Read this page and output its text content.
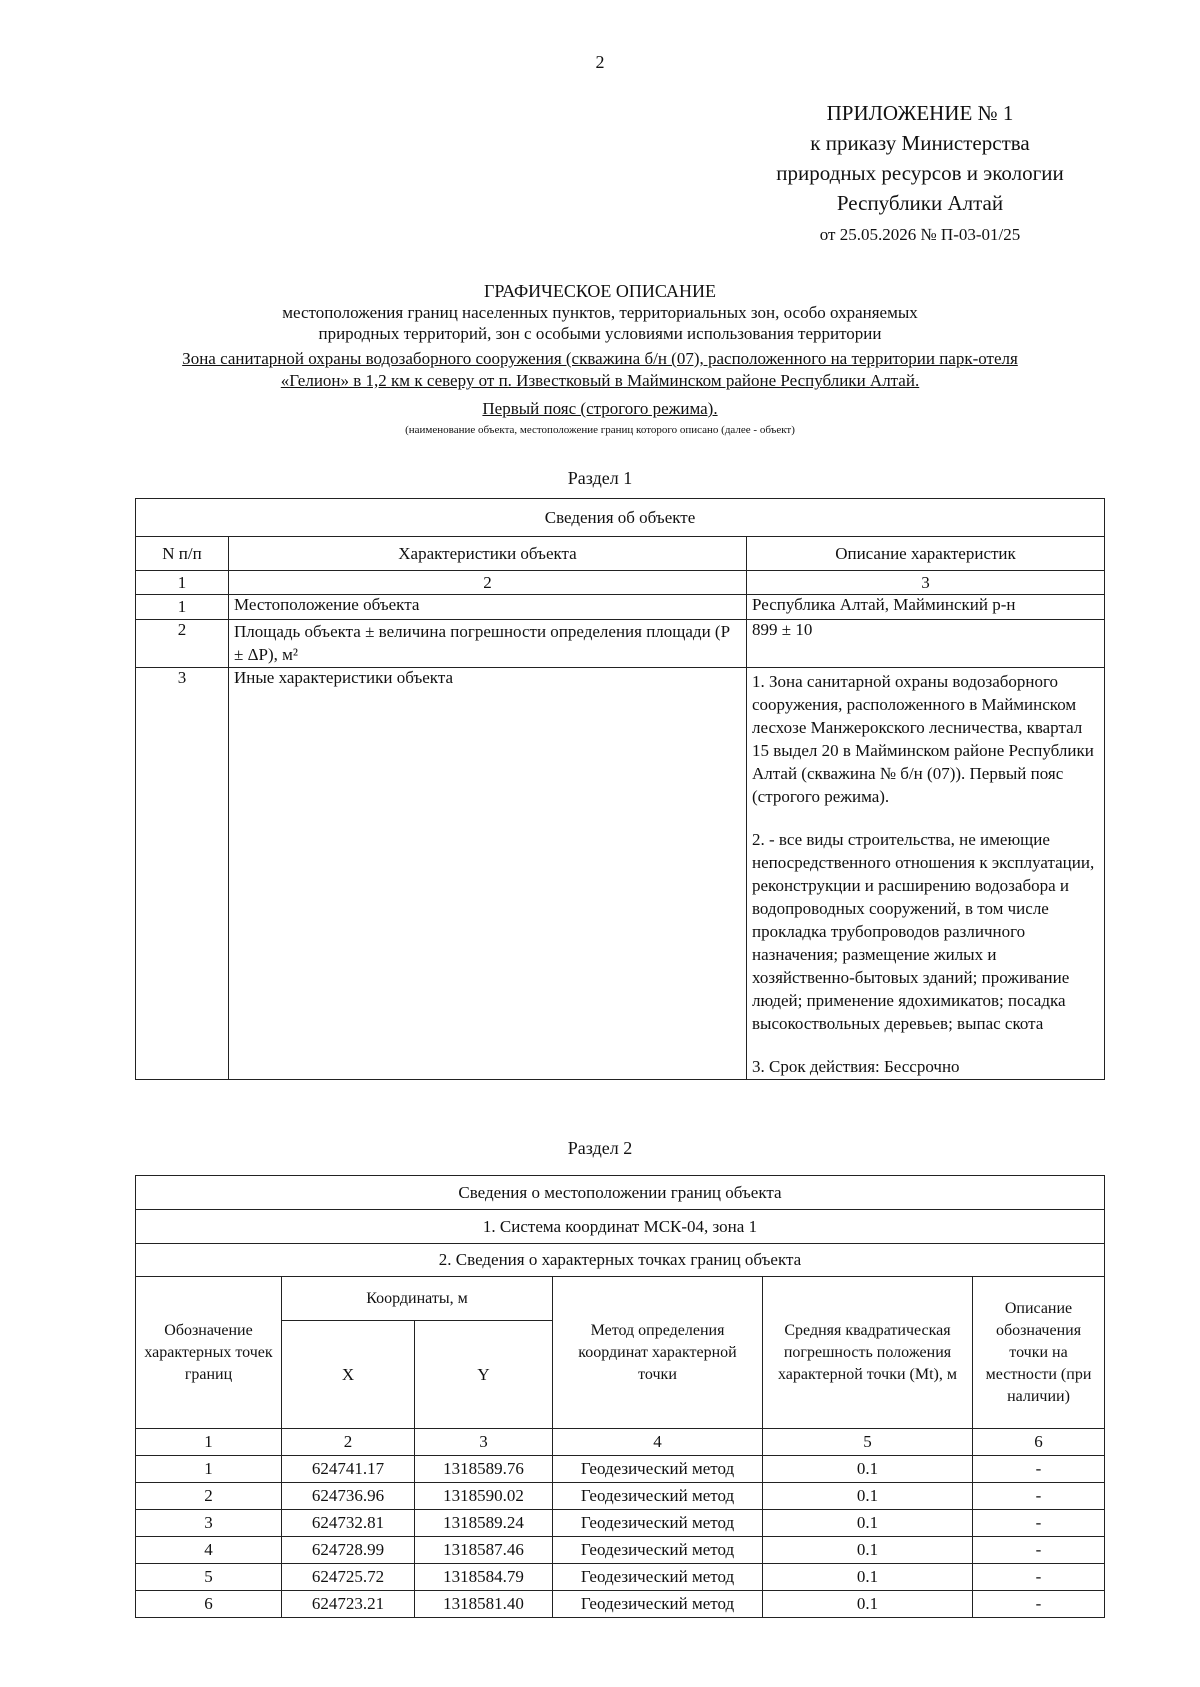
2
ПРИЛОЖЕНИЕ № 1
к приказу Министерства
природных ресурсов и экологии
Республики Алтай
от 25.05.2026 № П-03-01/25
ГРАФИЧЕСКОЕ ОПИСАНИЕ
местоположения границ населенных пунктов, территориальных зон, особо охраняемых
природных территорий, зон с особыми условиями использования территории
Зона санитарной охраны водозаборного сооружения (скважина б/н (07), расположенного на территории парк-отеля
«Гелион» в 1,2 км к северу от п. Известковый в Майминском районе Республики Алтай.
Первый пояс (строгого режима).
(наименование объекта, местоположение границ которого описано (далее - объект)
Раздел 1
Сведения об объекте		
N п/п	Характеристики объекта	Описание характеристик
1	2	3
1	Местоположение объекта	Республика Алтай, Майминский р-н
2	Площадь объекта ± величина погрешности определения площади (P ± ΔP), м²	899 ± 10
3	Иные характеристики объекта	1. Зона санитарной охраны водозаборного сооружения, расположенного в Майминском лесхозе Манжерокского лесничества, квартал 15 выдел 20 в Майминском районе Республики Алтай (скважина № б/н (07)). Первый пояс (строгого режима).
2. - все виды строительства, не имеющие непосредственного отношения к эксплуатации, реконструкции и расширению водозабора и водопроводных сооружений, в том числе прокладка трубопроводов различного назначения; размещение жилых и хозяйственно-бытовых зданий; проживание людей; применение ядохимикатов; посадка высокоствольных деревьев; выпас скота
3. Срок действия: Бессрочно
Раздел 2
Сведения о местоположении границ объекта					
1. Система координат МСК-04, зона 1					
2. Сведения о характерных точках границ объекта					
Обозначение характерных точек границ	Координаты, м		Метод определения координат характерной точки	Средняя квадратическая погрешность положения характерной точки (Mt), м	Описание обозначения точки на местности (при наличии)
	X	Y			
1	2	3	4	5	6
1	624741.17	1318589.76	Геодезический метод	0.1	-
2	624736.96	1318590.02	Геодезический метод	0.1	-
3	624732.81	1318589.24	Геодезический метод	0.1	-
4	624728.99	1318587.46	Геодезический метод	0.1	-
5	624725.72	1318584.79	Геодезический метод	0.1	-
6	624723.21	1318581.40	Геодезический метод	0.1	-
